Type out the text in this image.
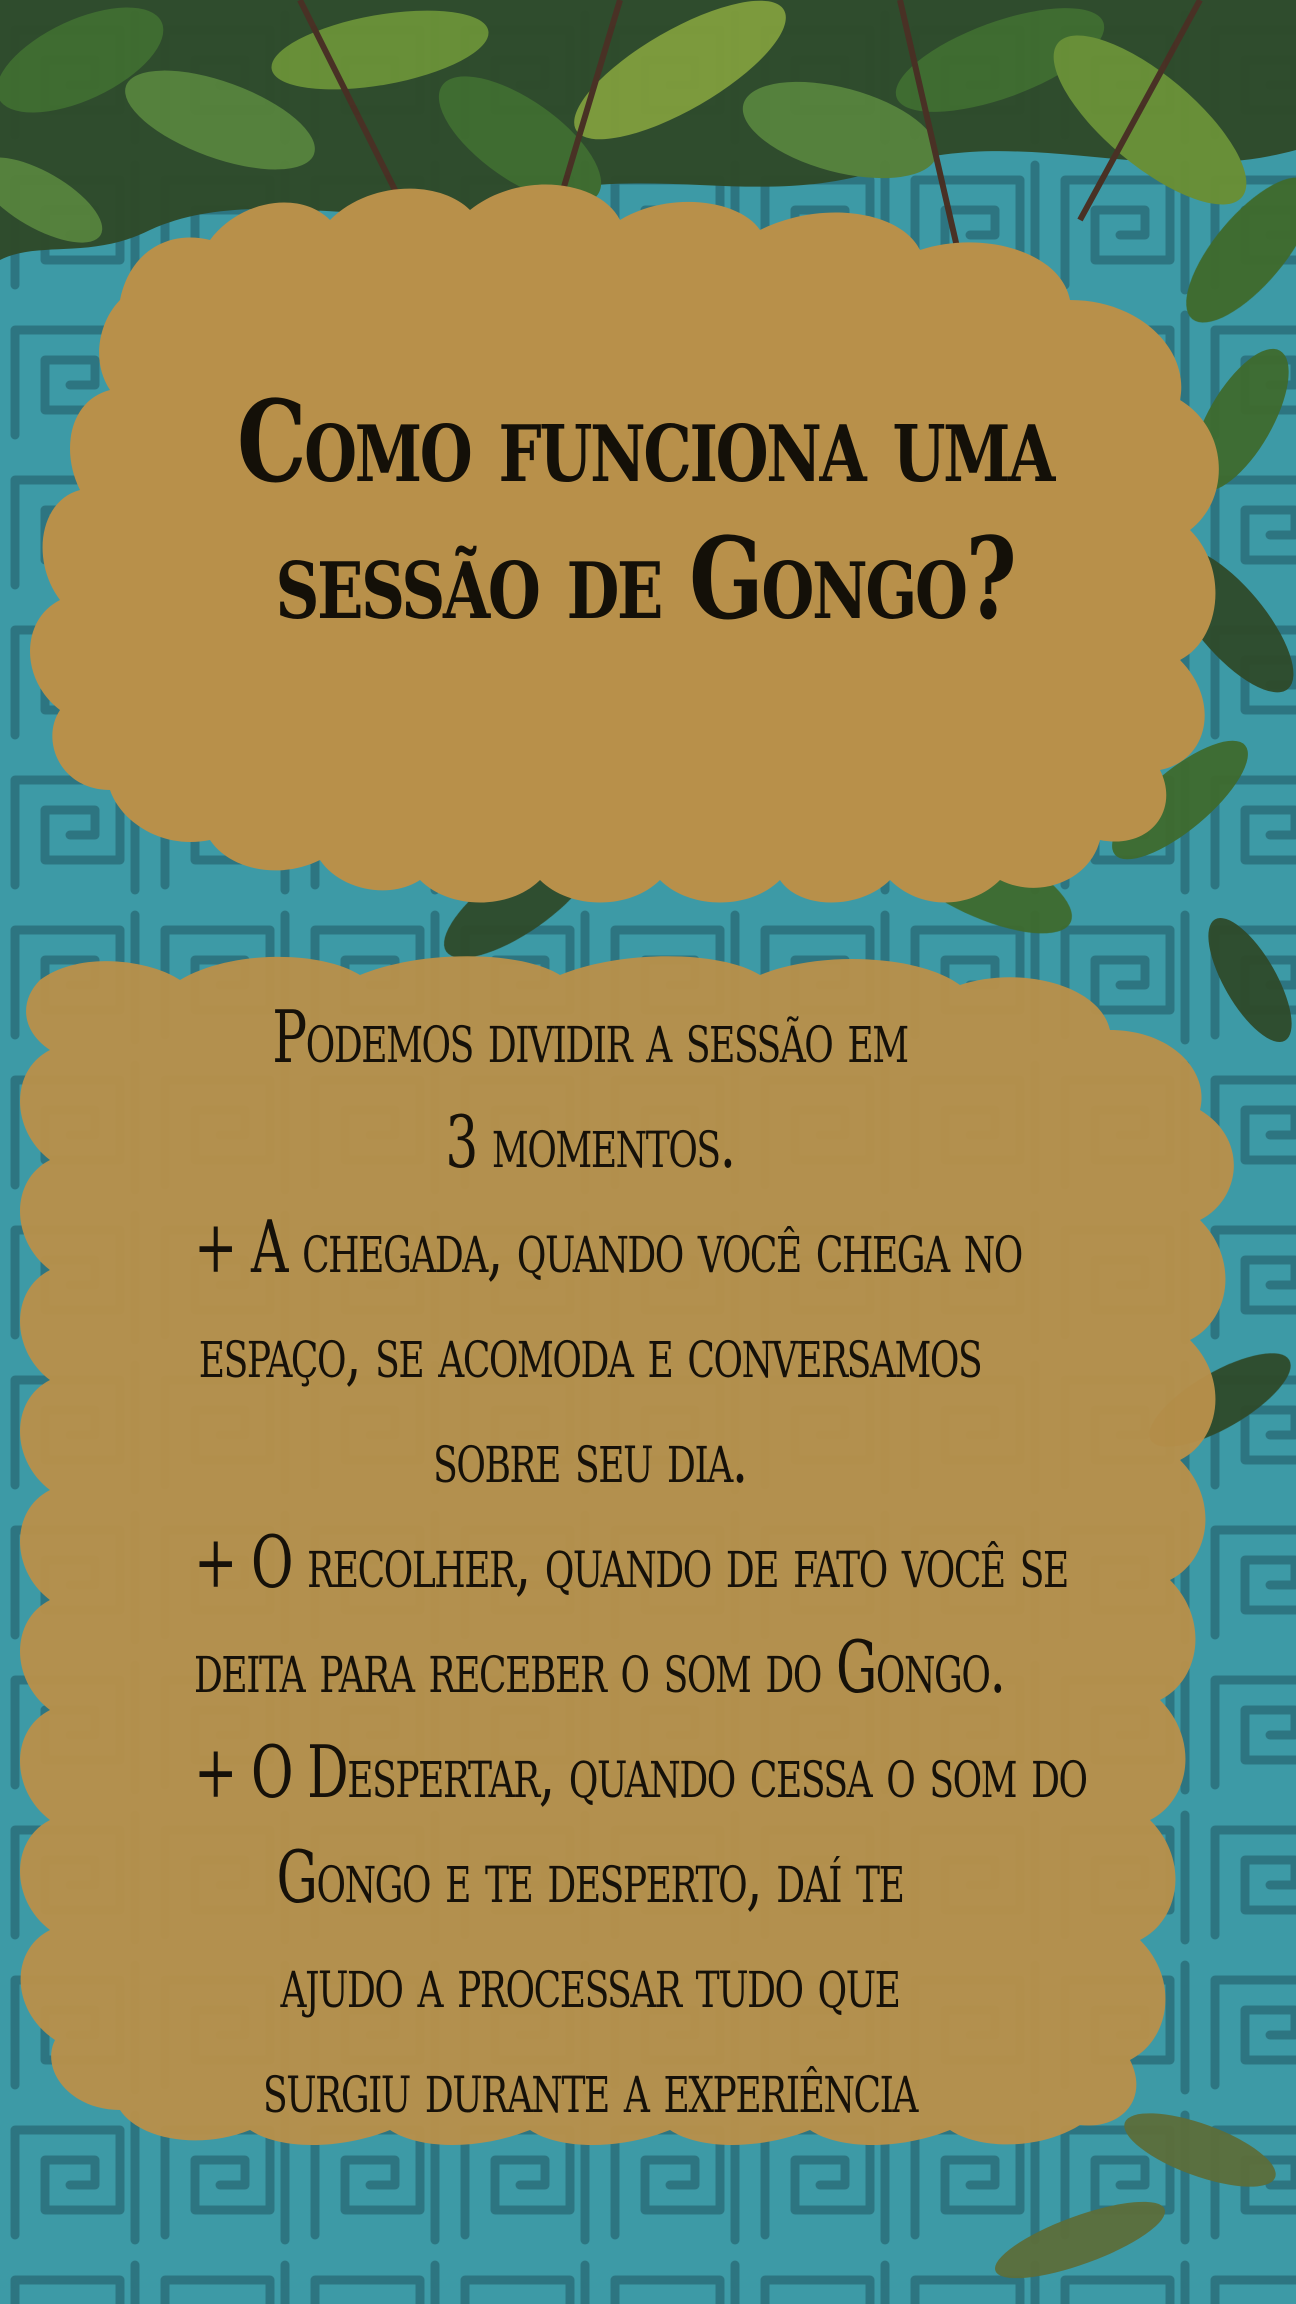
Como funciona uma
sessão de Gongo?
Podemos dividir a sessão em
3 momentos.
+ A chegada, quando você chega no
espaço, se acomoda e conversamos
sobre seu dia.
+ O recolher, quando de fato você se
deita para receber o som do Gongo.
+ O Despertar, quando cessa o som do
Gongo e te desperto, daí te
ajudo a processar tudo que
surgiu durante a experiência
